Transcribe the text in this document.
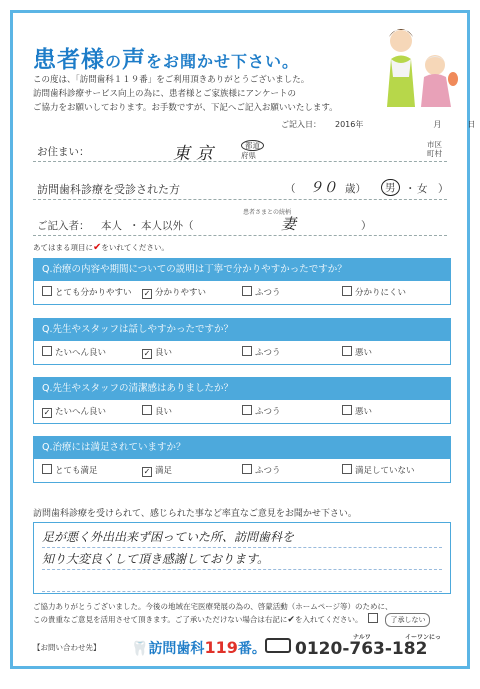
患者様の声をお聞かせ下さい。
この度は、「訪問歯科１１９番」をご利用頂きありがとうございました。
訪問歯科診療サービス向上の為に、患者様とご家族様にアンケートの
ご協力をお願いしております。お手数ですが、下記へご記入お願いいたします。
ご記入日： 2016年	月	日
お住まい：	東京	都道
府県
市区
町村
訪問歯科診療を受診された方	（ ９０ 歳）	男 ・ 女　）
ご記入者： 本人 ・ 本人以外（
患者さまとの続柄
妻	）
あてはまる項目に✔をいれてください。
Q.治療の内容や期間についての説明は丁寧で分かりやすかったですか？
とても分かりやすい	✓ 分かりやすい	ふつう	分かりにくい
Q.先生やスタッフは話しやすかったですか？
たいへん良い	✓ 良い	ふつう	悪い
Q.先生やスタッフの清潔感はありましたか？
✓ たいへん良い	良い	ふつう	悪い
Q.治療には満足されていますか？
とても満足	✓ 満足	ふつう	満足していない
訪問歯科診療を受けられて、感じられた事など率直なご意見をお聞かせ下さい。
足が悪く外出出来ず困っていた所、訪問歯科を
知り大変良くして頂き感謝しております。
ご協力ありがとうございました。今後の地域在宅医療発展の為の、啓蒙活動（ホームページ等）のために、
この貴重なご意見を活用させて頂きます。ご了承いただけない場合は右記に✔を入れてください。	了承しない
【お問い合わせ先】 🦷訪問歯科119番。
ナルワ	イーワンにっ
0120-763-182
